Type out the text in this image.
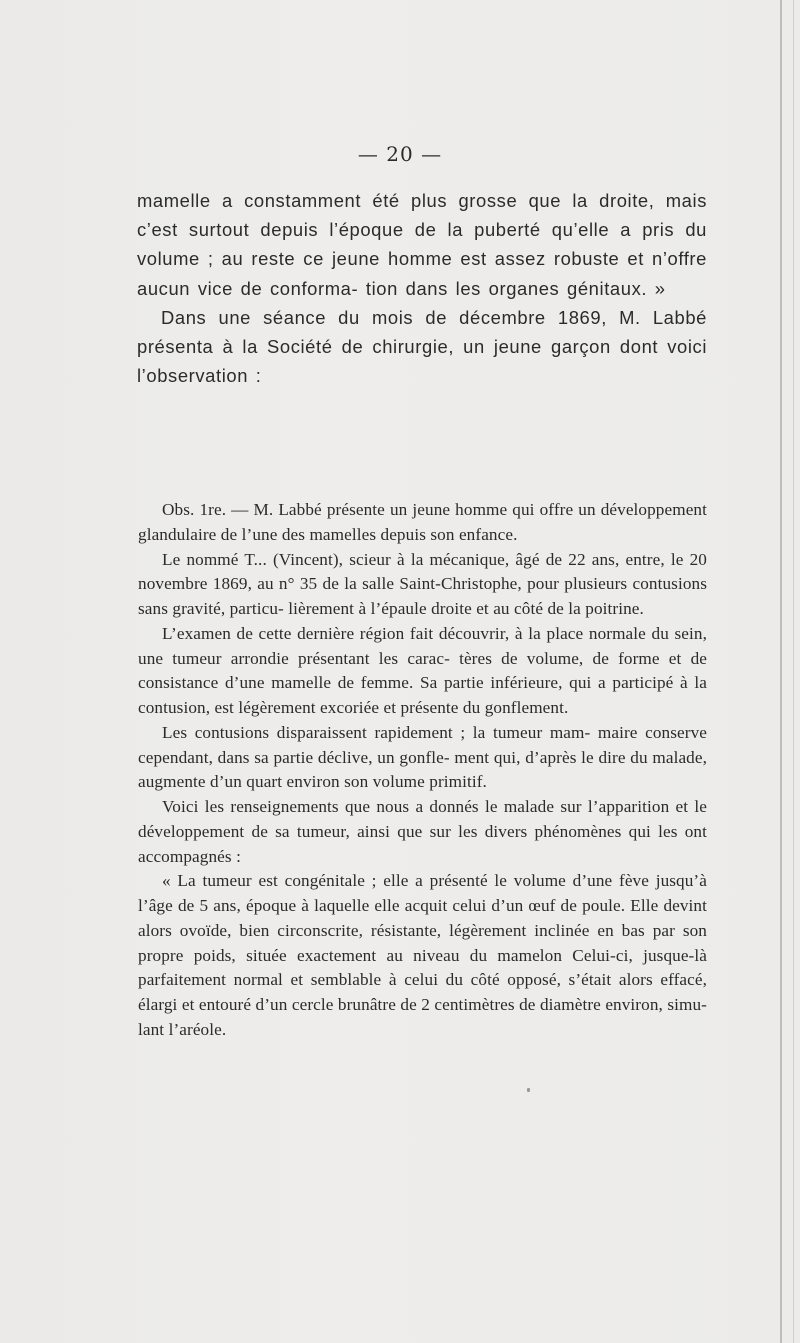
— 20 —

mamelle a constamment été plus grosse que la droite, mais c’est surtout depuis l’époque de la puberté qu’elle a pris du volume ; au reste ce jeune homme est assez robuste et n’offre aucun vice de conforma- tion dans les organes génitaux. »

Dans une séance du mois de décembre 1869, M. Labbé présenta à la Société de chirurgie, un jeune garçon dont voici l’observation :

Obs. 1re. — M. Labbé présente un jeune homme qui offre un développement glandulaire de l’une des mamelles depuis son enfance.

Le nommé T... (Vincent), scieur à la mécanique, âgé de 22 ans, entre, le 20 novembre 1869, au n° 35 de la salle Saint-Christophe, pour plusieurs contusions sans gravité, particu- lièrement à l’épaule droite et au côté de la poitrine.

L’examen de cette dernière région fait découvrir, à la place normale du sein, une tumeur arrondie présentant les carac- tères de volume, de forme et de consistance d’une mamelle de femme. Sa partie inférieure, qui a participé à la contusion, est légèrement excoriée et présente du gonflement.

Les contusions disparaissent rapidement ; la tumeur mam- maire conserve cependant, dans sa partie déclive, un gonfle- ment qui, d’après le dire du malade, augmente d’un quart environ son volume primitif.

Voici les renseignements que nous a donnés le malade sur l’apparition et le développement de sa tumeur, ainsi que sur les divers phénomènes qui les ont accompagnés :

« La tumeur est congénitale ; elle a présenté le volume d’une fève jusqu’à l’âge de 5 ans, époque à laquelle elle acquit celui d’un œuf de poule. Elle devint alors ovoïde, bien circonscrite, résistante, légèrement inclinée en bas par son propre poids, située exactement au niveau du mamelon Celui-ci, jusque-là parfaitement normal et semblable à celui du côté opposé, s’était alors effacé, élargi et entouré d’un cercle brunâtre de 2 centimètres de diamètre environ, simu- lant l’aréole.
